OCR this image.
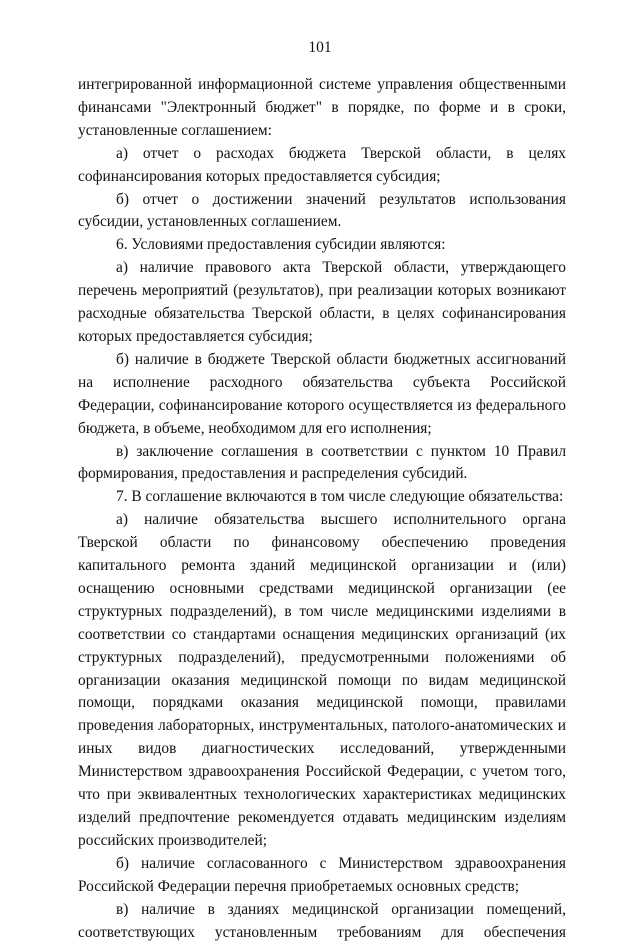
101

интегрированной информационной системе управления общественными финансами "Электронный бюджет" в порядке, по форме и в сроки, установленные соглашением:

а) отчет о расходах бюджета Тверской области, в целях софинансирования которых предоставляется субсидия;

б) отчет о достижении значений результатов использования субсидии, установленных соглашением.

6. Условиями предоставления субсидии являются:

а) наличие правового акта Тверской области, утверждающего перечень мероприятий (результатов), при реализации которых возникают расходные обязательства Тверской области, в целях софинансирования которых предоставляется субсидия;

б) наличие в бюджете Тверской области бюджетных ассигнований на исполнение расходного обязательства субъекта Российской Федерации, софинансирование которого осуществляется из федерального бюджета, в объеме, необходимом для его исполнения;

в) заключение соглашения в соответствии с пунктом 10 Правил формирования, предоставления и распределения субсидий.

7. В соглашение включаются в том числе следующие обязательства:

а) наличие обязательства высшего исполнительного органа Тверской области по финансовому обеспечению проведения капитального ремонта зданий медицинской организации и (или) оснащению основными средствами медицинской организации (ее структурных подразделений), в том числе медицинскими изделиями в соответствии со стандартами оснащения медицинских организаций (их структурных подразделений), предусмотренными положениями об организации оказания медицинской помощи по видам медицинской помощи, порядками оказания медицинской помощи, правилами проведения лабораторных, инструментальных, патолого-анатомических и иных видов диагностических исследований, утвержденными Министерством здравоохранения Российской Федерации, с учетом того, что при эквивалентных технологических характеристиках медицинских изделий предпочтение рекомендуется отдавать медицинским изделиям российских производителей;

б) наличие согласованного с Министерством здравоохранения Российской Федерации перечня приобретаемых основных средств;

в) наличие в зданиях медицинской организации помещений, соответствующих установленным требованиям для обеспечения
